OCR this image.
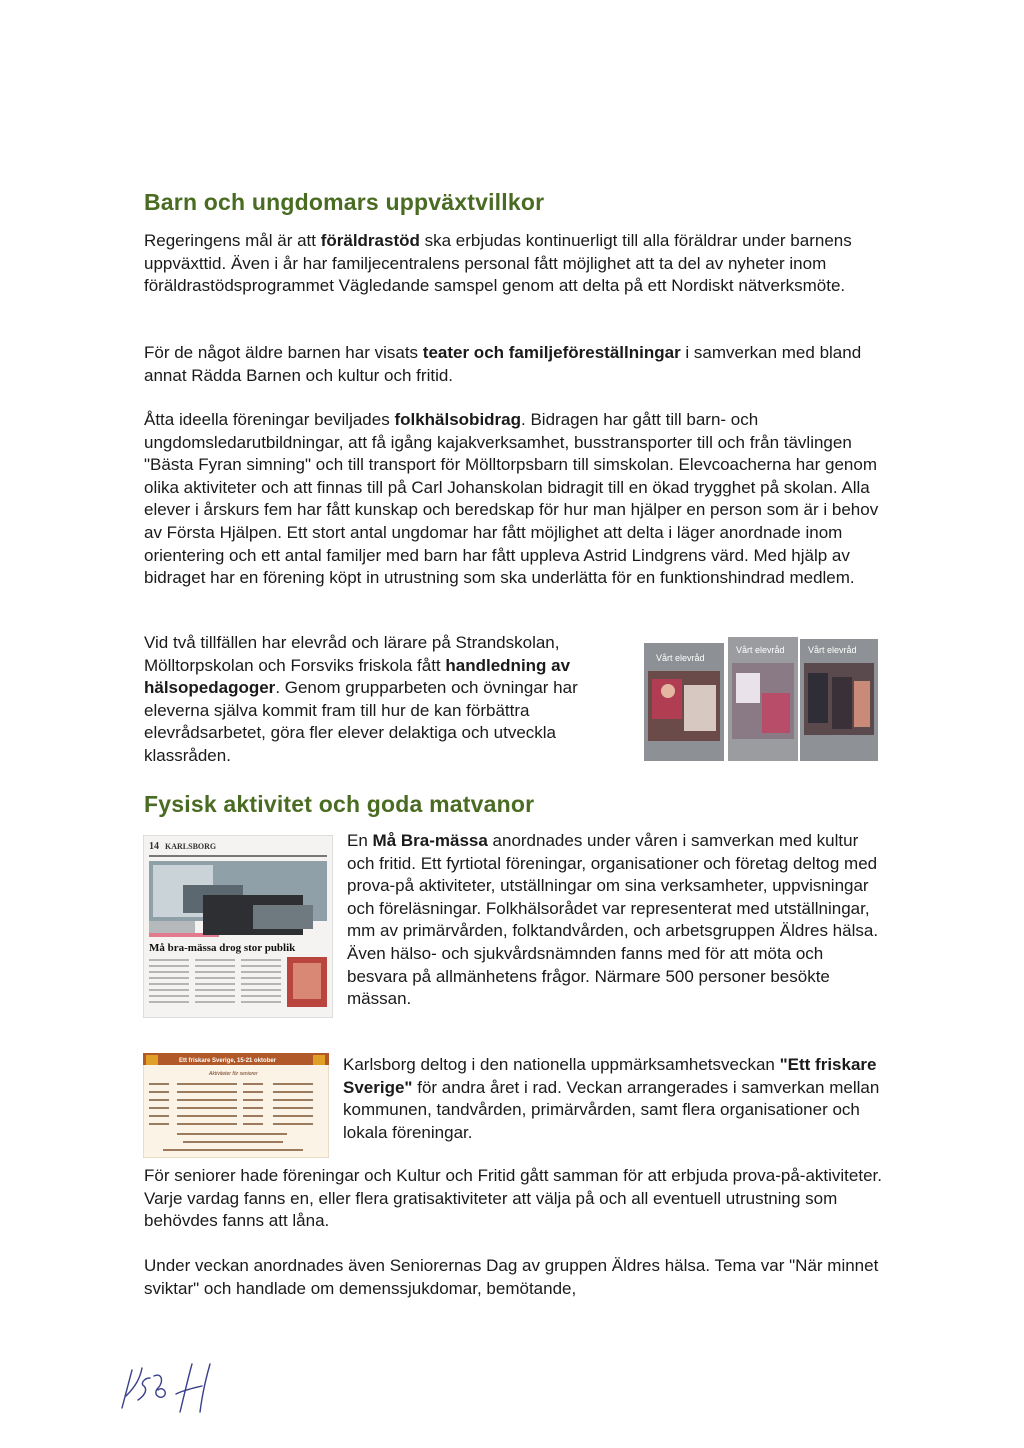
Barn och ungdomars uppväxtvillkor

Regeringens mål är att föräldrastöd ska erbjudas kontinuerligt till alla föräldrar under barnens uppväxttid. Även i år har familjecentralens personal fått möjlighet att ta del av nyheter inom föräldrastödsprogrammet Vägledande samspel genom att delta på ett Nordiskt nätverksmöte.

För de något äldre barnen har visats teater och familjeföreställningar i samverkan med bland annat Rädda Barnen och kultur och fritid.

Åtta ideella föreningar beviljades folkhälsobidrag. Bidragen har gått till barn- och ungdomsledarutbildningar, att få igång kajakverksamhet, busstransporter till och från tävlingen "Bästa Fyran simning" och till transport för Mölltorpsbarn till simskolan. Elevcoacherna har genom olika aktiviteter och att finnas till på Carl Johanskolan bidragit till en ökad trygghet på skolan. Alla elever i årskurs fem har fått kunskap och beredskap för hur man hjälper en person som är i behov av Första Hjälpen. Ett stort antal ungdomar har fått möjlighet att delta i läger anordnade inom orientering och ett antal familjer med barn har fått uppleva Astrid Lindgrens värd. Med hjälp av bidraget har en förening köpt in utrustning som ska underlätta för en funktionshindrad medlem.

Vid två tillfällen har elevråd och lärare på Strandskolan, Mölltorpskolan och Forsviks friskola fått handledning av hälsopedagoger. Genom grupparbeten och övningar har eleverna själva kommit fram till hur de kan förbättra elevrådsarbetet, göra fler elever delaktiga och utveckla klassråden.

Vårt elevråd
Vårt elevråd	Vårt elevråd
Fysisk aktivitet och goda matvanor
14 KARLSBORG
Må bra-mässa drog stor publik

En Må Bra-mässa anordnades under våren i samverkan med kultur och fritid. Ett fyrtiotal föreningar, organisationer och företag deltog med prova-på aktiviteter, utställningar om sina verksamheter, uppvisningar och föreläsningar. Folkhälsorådet var representerat med utställningar, mm av primärvården, folktandvården, och arbetsgruppen Äldres hälsa. Även hälso- och sjukvårdsnämnden fanns med för att möta och besvara på allmänhetens frågor. Närmare 500 personer besökte mässan.

Ett friskare Sverige, 15-21 oktober
Aktiviteter för seniorer	Karlsborg deltog i den nationella uppmärksamhetsveckan "Ett friskare Sverige" för andra året i rad. Veckan arrangerades i samverkan mellan kommunen, tandvården, primärvården, samt flera organisationer och lokala föreningar.

För seniorer hade föreningar och Kultur och Fritid gått samman för att erbjuda prova-på-aktiviteter. Varje vardag fanns en, eller flera gratisaktiviteter att välja på och all eventuell utrustning som behövdes fanns att låna.

Under veckan anordnades även Seniorernas Dag av gruppen Äldres hälsa. Tema var "När minnet sviktar" och handlade om demenssjukdomar, bemötande,
